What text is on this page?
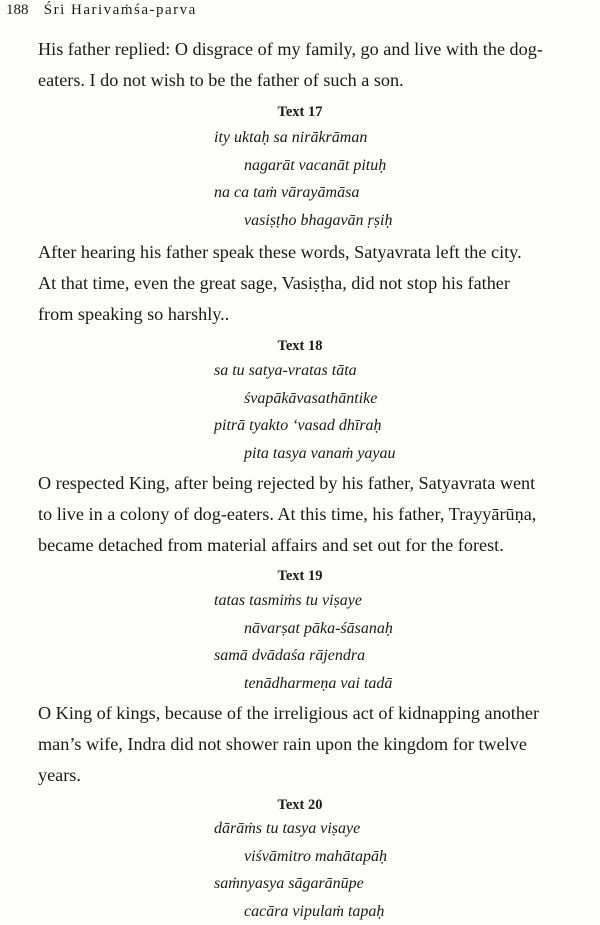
188 Śri Harivaṁśa-parva

His father replied: O disgrace of my family, go and live with the dog-
eaters. I do not wish to be the father of such a son.

Text 17
ity uktaḥ sa nirākrāman
nagarāt vacanāt pituḥ
na ca taṁ vārayāmāsa
vasiṣṭho bhagavān ṛṣiḥ

After hearing his father speak these words, Satyavrata left the city.
At that time, even the great sage, Vasiṣṭha, did not stop his father
from speaking so harshly..

Text 18
sa tu satya-vratas tāta
śvapākāvasathāntike
pitrā tyakto ‘vasad dhīraḥ
pita tasya vanaṁ yayau

O respected King, after being rejected by his father, Satyavrata went
to live in a colony of dog-eaters. At this time, his father, Trayyārūṇa,
became detached from material affairs and set out for the forest.

Text 19
tatas tasmiṁs tu viṣaye
nāvarṣat pāka-śāsanaḥ
samā dvādaśa rājendra
tenādharmeṇa vai tadā

O King of kings, because of the irreligious act of kidnapping another
man’s wife, Indra did not shower rain upon the kingdom for twelve
years.

Text 20
dārāṁs tu tasya viṣaye
viśvāmitro mahātapāḥ
saṁnyasya sāgarānūpe
cacāra vipulaṁ tapaḥ
